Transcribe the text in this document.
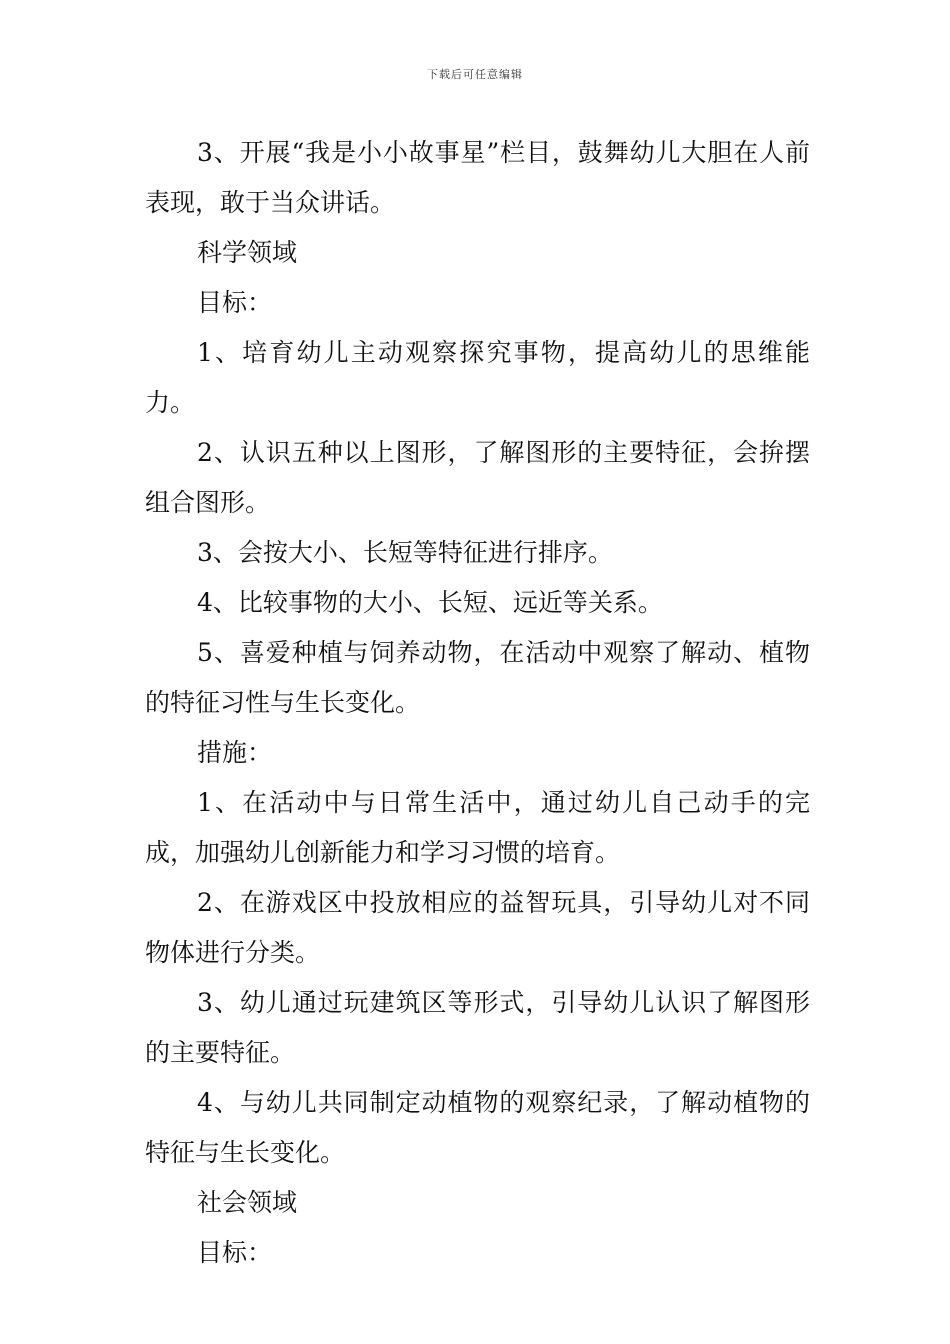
下载后可任意编辑

3、开展“我是小小故事星”栏目，鼓舞幼儿大胆在人前表现，敢于当众讲话。

科学领域

目标：

1、培育幼儿主动观察探究事物，提高幼儿的思维能力。

2、认识五种以上图形，了解图形的主要特征，会拚摆组合图形。

3、会按大小、长短等特征进行排序。

4、比较事物的大小、长短、远近等关系。

5、喜爱种植与饲养动物，在活动中观察了解动、植物的特征习性与生长变化。

措施：

1、在活动中与日常生活中，通过幼儿自己动手的完成，加强幼儿创新能力和学习习惯的培育。

2、在游戏区中投放相应的益智玩具，引导幼儿对不同物体进行分类。

3、幼儿通过玩建筑区等形式，引导幼儿认识了解图形的主要特征。

4、与幼儿共同制定动植物的观察纪录，了解动植物的特征与生长变化。

社会领域

目标：
